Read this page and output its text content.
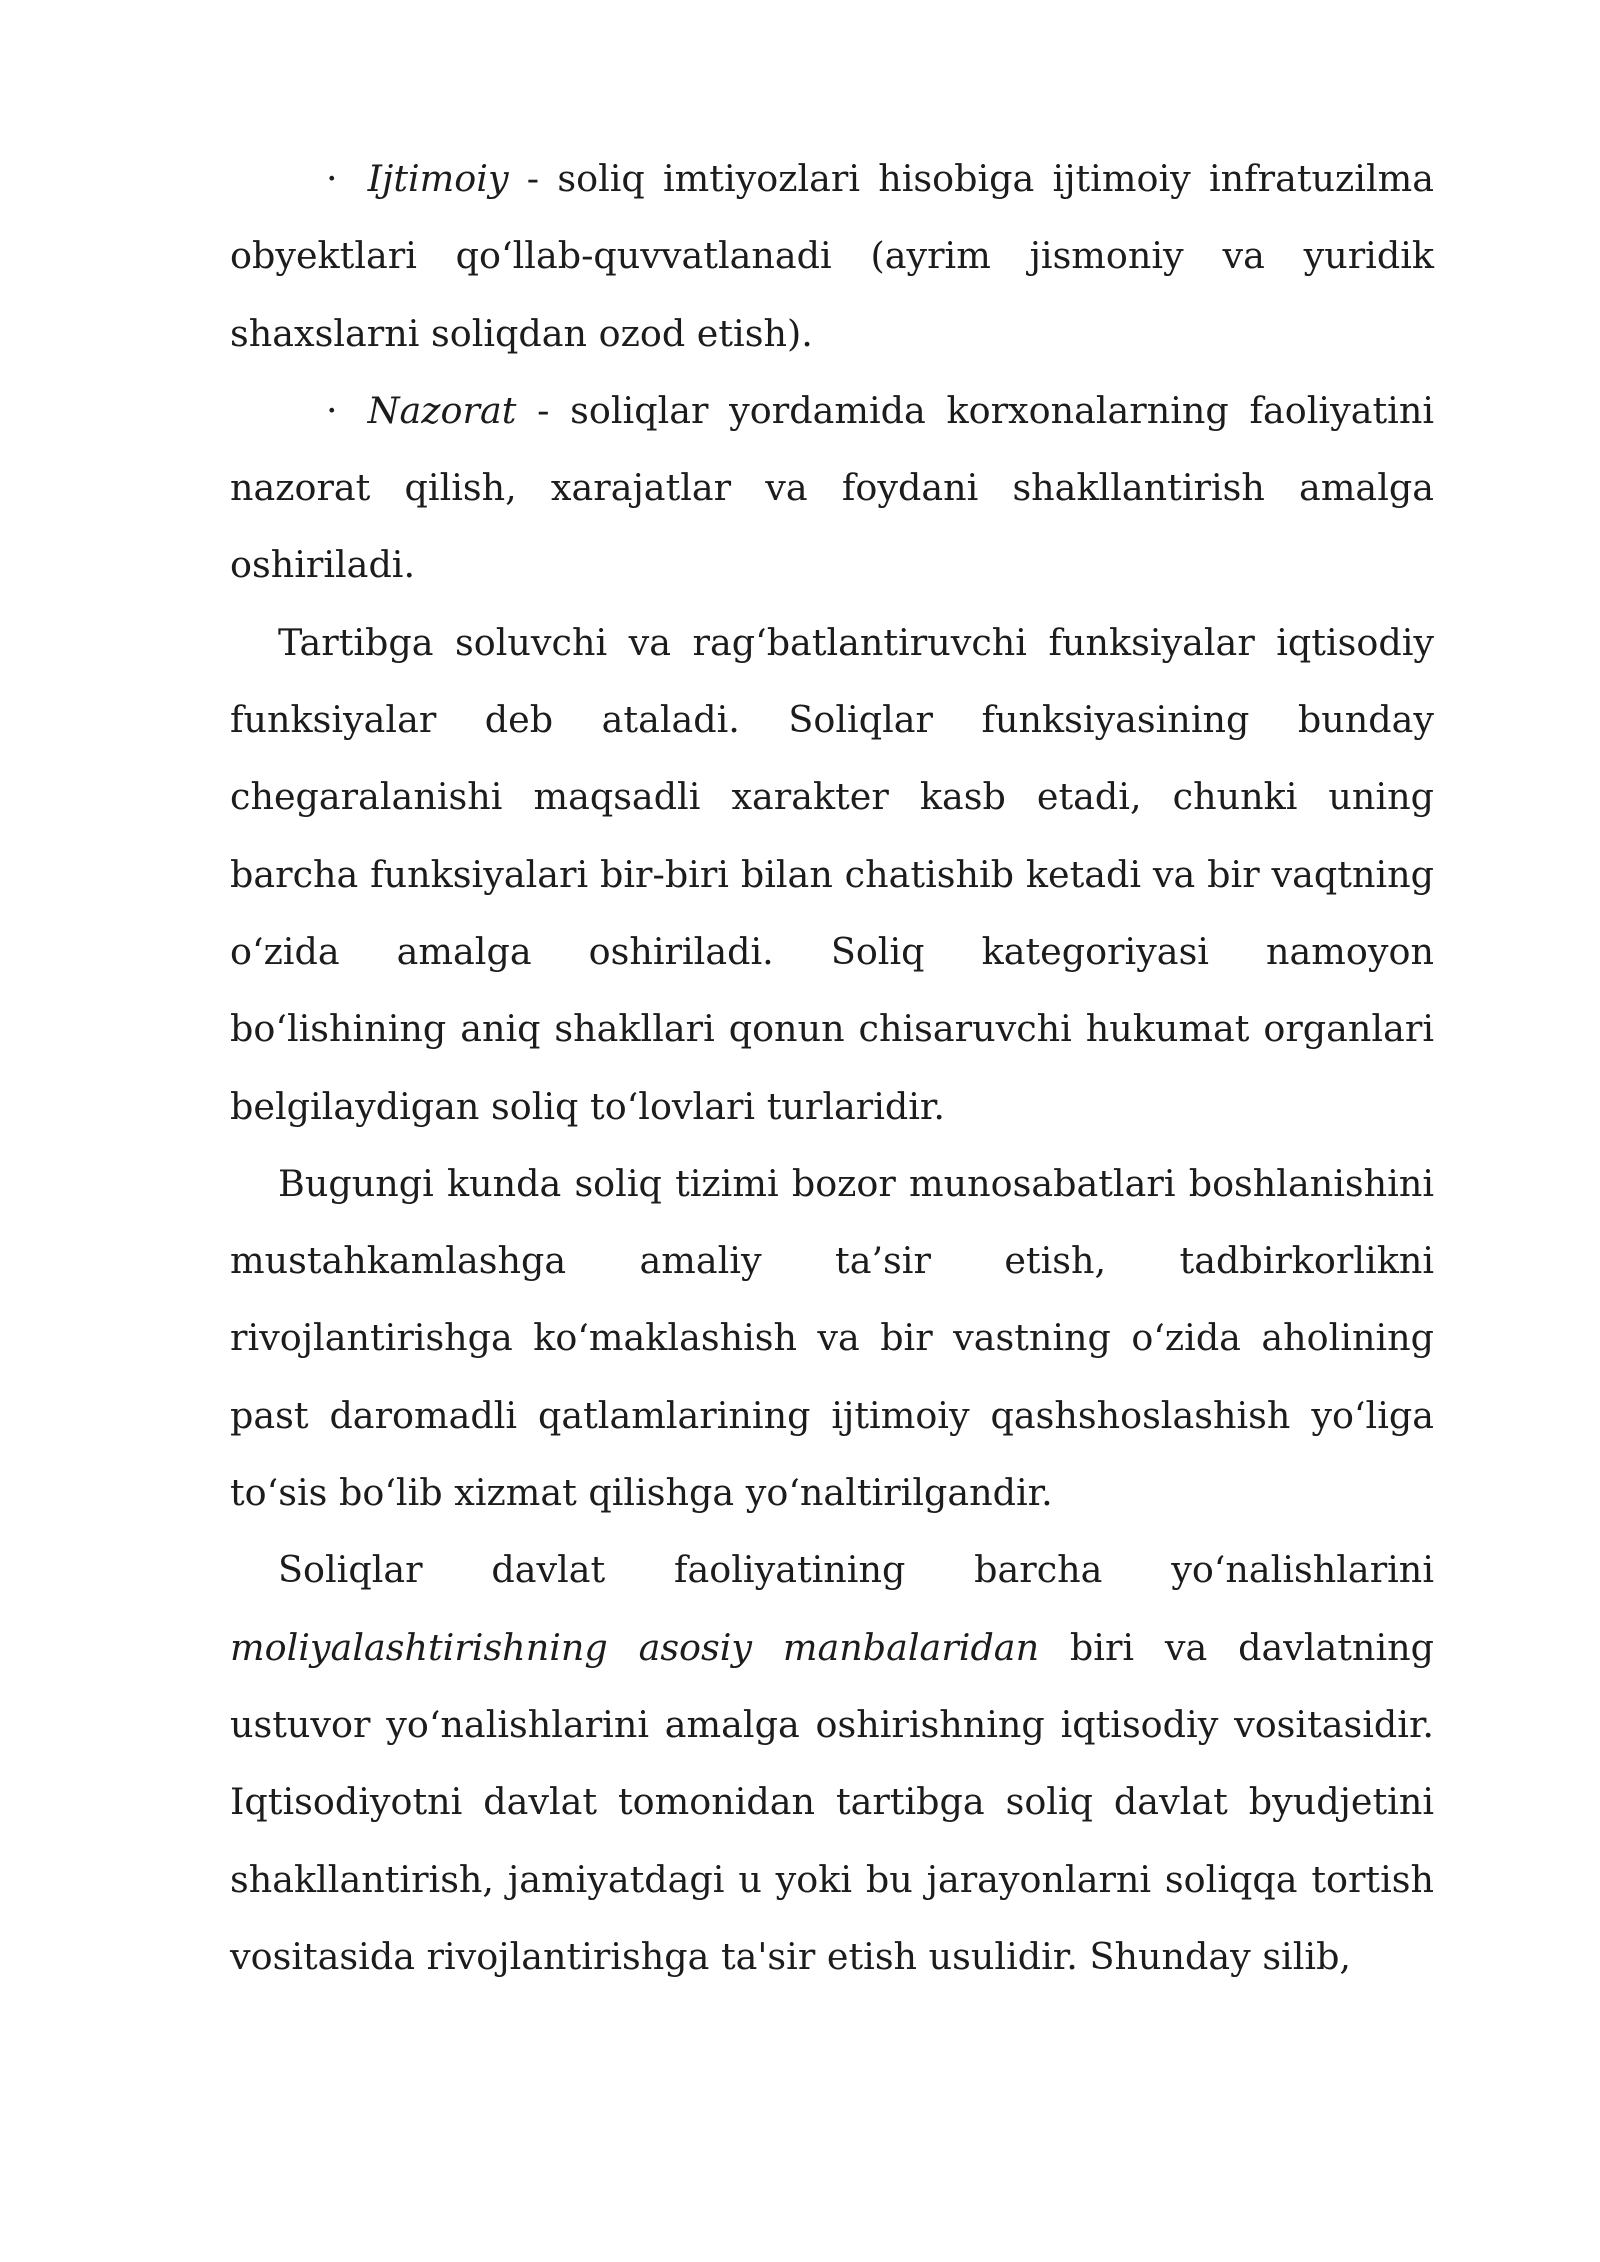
· Ijtimoiy - soliq imtiyozlari hisobiga ijtimoiy infratuzilma obyektlari qoʻllab-quvvatlanadi (ayrim jismoniy va yuridik shaxslarni soliqdan ozod etish).

· Nazorat - soliqlar yordamida korxonalarning faoliyatini nazorat qilish, xarajatlar va foydani shakllantirish amalga oshiriladi.

Tartibga soluvchi va ragʻbatlantiruvchi funksiyalar iqtisodiy funksiyalar deb ataladi. Soliqlar funksiyasining bunday chegaralanishi maqsadli xarakter kasb etadi, chunki uning barcha funksiyalari bir-biri bilan chatishib ketadi va bir vaqtning oʻzida amalga oshiriladi. Soliq kategoriyasi namoyon boʻlishining aniq shakllari qonun chisaruvchi hukumat organlari belgilaydigan soliq toʻlovlari turlaridir.

Bugungi kunda soliq tizimi bozor munosabatlari boshlanishini mustahkamlashga amaliy ta’sir etish, tadbirkorlikni rivojlantirishga koʻmaklashish va bir vastning oʻzida aholining past daromadli qatlamlarining ijtimoiy qashshoslashish yoʻliga toʻsis boʻlib xizmat qilishga yoʻnaltirilgandir.

Soliqlar davlat faoliyatining barcha yoʻnalishlarini moliyalashtirishning asosiy manbalaridan biri va davlatning ustuvor yoʻnalishlarini amalga oshirishning iqtisodiy vositasidir. Iqtisodiyotni davlat tomonidan tartibga soliq davlat byudjetini shakllantirish, jamiyatdagi u yoki bu jarayonlarni soliqqa tortish vositasida rivojlantirishga ta'sir etish usulidir. Shunday silib,
